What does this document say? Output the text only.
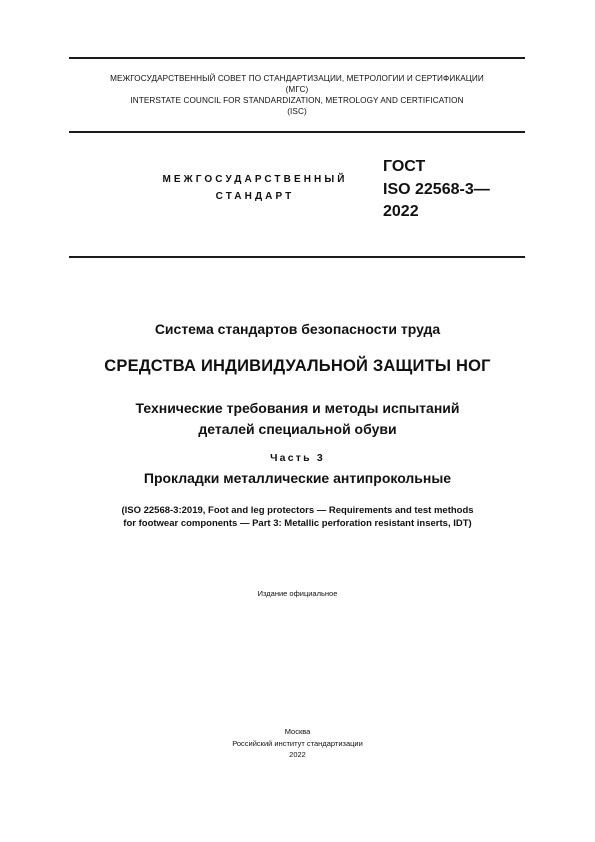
МЕЖГОСУДАРСТВЕННЫЙ СОВЕТ ПО СТАНДАРТИЗАЦИИ, МЕТРОЛОГИИ И СЕРТИФИКАЦИИ
(МГС)
INTERSTATE COUNCIL FOR STANDARDIZATION, METROLOGY AND CERTIFICATION
(ISC)
МЕЖГОСУДАРСТВЕННЫЙ
СТАНДАРТ
ГОСТ
ISO 22568-3—
2022
Система стандартов безопасности труда
СРЕДСТВА ИНДИВИДУАЛЬНОЙ ЗАЩИТЫ НОГ
Технические требования и методы испытаний
деталей специальной обуви
Часть 3
Прокладки металлические антипрокольные
(ISO 22568-3:2019, Foot and leg protectors — Requirements and test methods
for footwear components — Part 3: Metallic perforation resistant inserts, IDT)
Издание официальное
Москва
Российский институт стандартизации
2022
